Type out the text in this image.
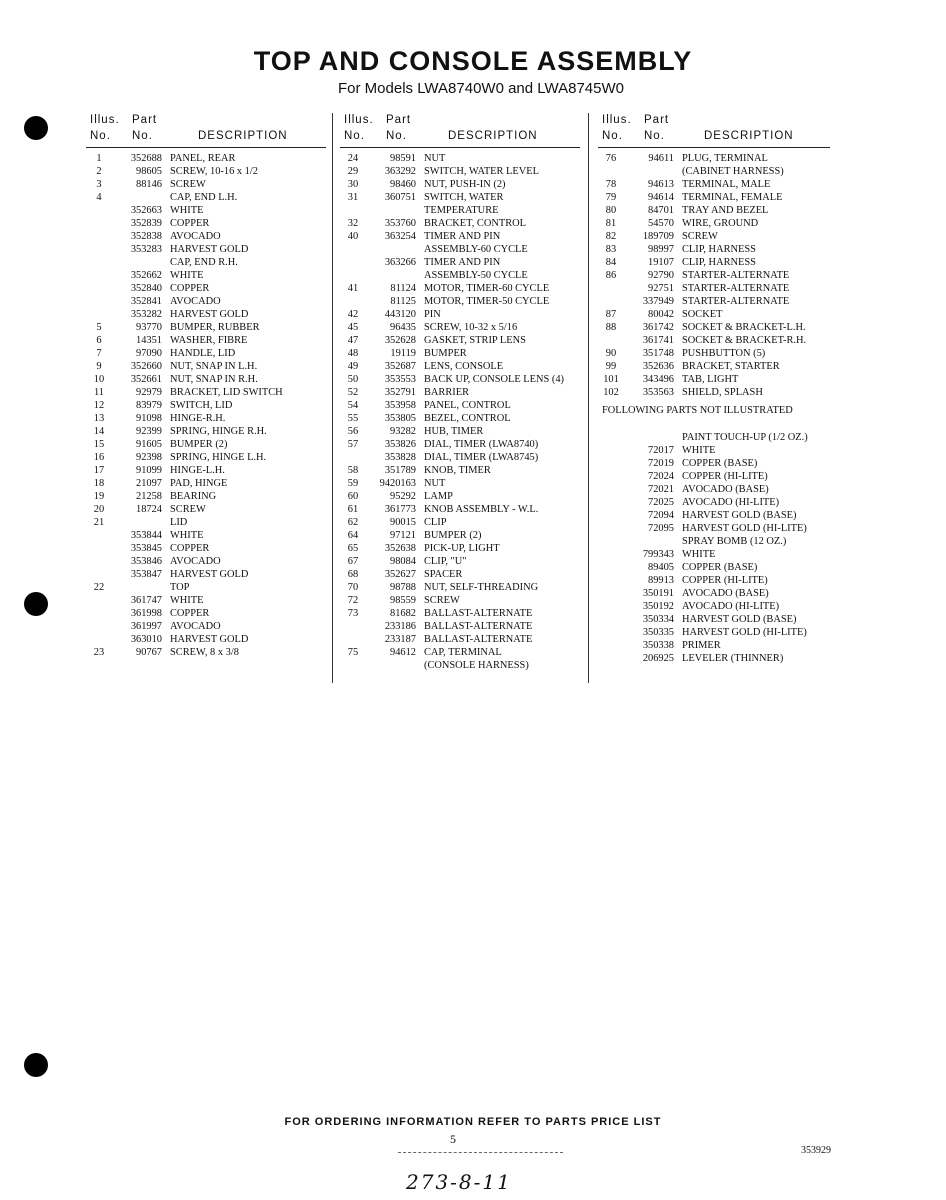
TOP AND CONSOLE ASSEMBLY
For Models LWA8740W0 and LWA8745W0
Illus. Part
No. No.	DESCRIPTION
1	352688 PANEL, REAR
2	98605 SCREW, 10-16 x 1/2
3	88146 SCREW
4	CAP, END L.H.
352663 WHITE
352839 COPPER
352838 AVOCADO
353283 HARVEST GOLD
CAP, END R.H.
352662 WHITE
352840 COPPER
352841 AVOCADO
353282 HARVEST GOLD
5	93770 BUMPER, RUBBER
6	14351 WASHER, FIBRE
7	97090 HANDLE, LID
9	352660 NUT, SNAP IN L.H.
10	352661 NUT, SNAP IN R.H.
11	92979 BRACKET, LID SWITCH
12	83979 SWITCH, LID
13	91098 HINGE-R.H.
14	92399 SPRING, HINGE R.H.
15	91605 BUMPER (2)
16	92398 SPRING, HINGE L.H.
17	91099 HINGE-L.H.
18	21097 PAD, HINGE
19	21258 BEARING
20	18724 SCREW
21	LID
353844 WHITE
353845 COPPER
353846 AVOCADO
353847 HARVEST GOLD
22	TOP
361747 WHITE
361998 COPPER
361997 AVOCADO
363010 HARVEST GOLD
23	90767 SCREW, 8 x 3/8
Illus. Part
No. No.	DESCRIPTION
24	98591 NUT
29	363292 SWITCH, WATER LEVEL
30	98460 NUT, PUSH-IN (2)
31	360751 SWITCH, WATER
TEMPERATURE
32	353760 BRACKET, CONTROL
40	363254 TIMER AND PIN
ASSEMBLY-60 CYCLE
363266 TIMER AND PIN
ASSEMBLY-50 CYCLE
41	81124 MOTOR, TIMER-60 CYCLE
81125 MOTOR, TIMER-50 CYCLE
42	443120 PIN
45	96435 SCREW, 10-32 x 5/16
47	352628 GASKET, STRIP LENS
48	19119 BUMPER
49	352687 LENS, CONSOLE
50	353553 BACK UP, CONSOLE LENS (4)
52	352791 BARRIER
54	353958 PANEL, CONTROL
55	353805 BEZEL, CONTROL
56	93282 HUB, TIMER
57	353826 DIAL, TIMER (LWA8740)
353828 DIAL, TIMER (LWA8745)
58	351789 KNOB, TIMER
59	9420163 NUT
60	95292 LAMP
61	361773 KNOB ASSEMBLY - W.L.
62	90015 CLIP
64	97121 BUMPER (2)
65	352638 PICK-UP, LIGHT
67	98084 CLIP, "U"
68	352627 SPACER
70	98788 NUT, SELF-THREADING
72	98559 SCREW
73	81682 BALLAST-ALTERNATE
233186 BALLAST-ALTERNATE
233187 BALLAST-ALTERNATE
75	94612 CAP, TERMINAL
(CONSOLE HARNESS)
Illus. Part
No. No.	DESCRIPTION
76	94611 PLUG, TERMINAL
(CABINET HARNESS)
78	94613 TERMINAL, MALE
79	94614 TERMINAL, FEMALE
80	84701 TRAY AND BEZEL
81	54570 WIRE, GROUND
82	189709 SCREW
83	98997 CLIP, HARNESS
84	19107 CLIP, HARNESS
86	92790 STARTER-ALTERNATE
92751 STARTER-ALTERNATE
337949 STARTER-ALTERNATE
87	80042 SOCKET
88	361742 SOCKET & BRACKET-L.H.
361741 SOCKET & BRACKET-R.H.
90	351748 PUSHBUTTON (5)
99	352636 BRACKET, STARTER
101	343496 TAB, LIGHT
102	353563 SHIELD, SPLASH
FOLLOWING PARTS NOT ILLUSTRATED
PAINT TOUCH-UP (1/2 OZ.)
72017 WHITE
72019 COPPER (BASE)
72024 COPPER (HI-LITE)
72021 AVOCADO (BASE)
72025 AVOCADO (HI-LITE)
72094 HARVEST GOLD (BASE)
72095 HARVEST GOLD (HI-LITE)
SPRAY BOMB (12 OZ.)
799343 WHITE
89405 COPPER (BASE)
89913 COPPER (HI-LITE)
350191 AVOCADO (BASE)
350192 AVOCADO (HI-LITE)
350334 HARVEST GOLD (BASE)
350335 HARVEST GOLD (HI-LITE)
350338 PRIMER
206925 LEVELER (THINNER)
FOR ORDERING INFORMATION REFER TO PARTS PRICE LIST
5
353929
273-8-11
